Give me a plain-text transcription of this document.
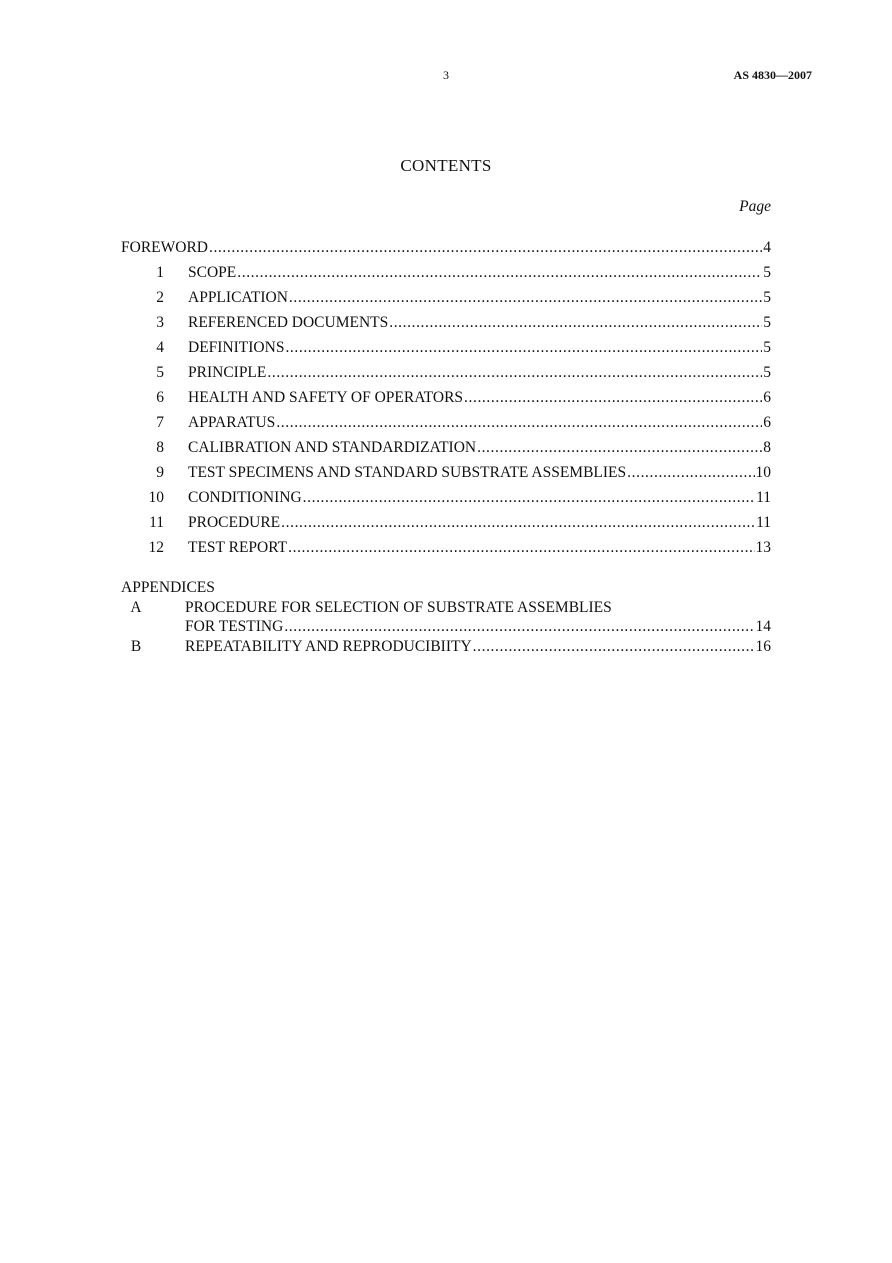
3	AS 4830—2007
CONTENTS
Page
FOREWORD .....	4
1	SCOPE .....	5
2	APPLICATION .....	5
3	REFERENCED DOCUMENTS .....	5
4	DEFINITIONS .....	5
5	PRINCIPLE .....	5
6	HEALTH AND SAFETY OF OPERATORS .....	6
7	APPARATUS .....	6
8	CALIBRATION AND STANDARDIZATION .....	8
9	TEST SPECIMENS AND STANDARD SUBSTRATE ASSEMBLIES .....	10
10	CONDITIONING .....	11
11	PROCEDURE .....	11
12	TEST REPORT .....	13
APPENDICES
A	PROCEDURE FOR SELECTION OF SUBSTRATE ASSEMBLIES
FOR TESTING .....	14
B	REPEATABILITY AND REPRODUCIBIITY .....	16
